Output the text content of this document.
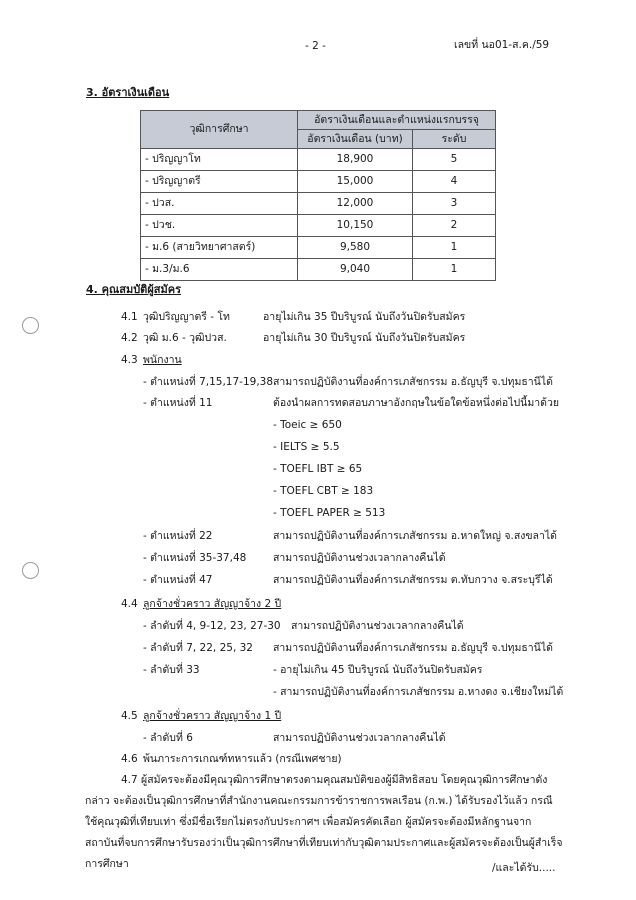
- 2 -	เลขที่ นอ01-ส.ค./59
3. อัตราเงินเดือน
วุฒิการศึกษา	อัตราเงินเดือนและตำแหน่งแรกบรรจุ	
	อัตราเงินเดือน (บาท)	ระดับ
- ปริญญาโท	18,900	5
- ปริญญาตรี	15,000	4
- ปวส.	12,000	3
- ปวช.	10,150	2
- ม.6 (สายวิทยาศาสตร์)	9,580	1
- ม.3/ม.6	9,040	1
4. คุณสมบัติผู้สมัคร
4.1 วุฒิปริญญาตรี - โท	อายุไม่เกิน 35 ปีบริบูรณ์ นับถึงวันปิดรับสมัคร
4.2 วุฒิ ม.6 - วุฒิปวส.	อายุไม่เกิน 30 ปีบริบูรณ์ นับถึงวันปิดรับสมัคร
4.3 พนักงาน
- ตำแหน่งที่ 7,15,17-19,38 สามารถปฏิบัติงานที่องค์การเภสัชกรรม อ.ธัญบุรี จ.ปทุมธานีได้
- ตำแหน่งที่ 11	ต้องนำผลการทดสอบภาษาอังกฤษในข้อใดข้อหนึ่งต่อไปนี้มาด้วย
- Toeic ≥ 650
- IELTS ≥ 5.5
- TOEFL IBT ≥ 65
- TOEFL CBT ≥ 183
- TOEFL PAPER ≥ 513
- ตำแหน่งที่ 22	สามารถปฏิบัติงานที่องค์การเภสัชกรรม อ.หาดใหญ่ จ.สงขลาได้
- ตำแหน่งที่ 35-37,48	สามารถปฏิบัติงานช่วงเวลากลางคืนได้
- ตำแหน่งที่ 47	สามารถปฏิบัติงานที่องค์การเภสัชกรรม ต.ทับกวาง จ.สระบุรีได้
4.4 ลูกจ้างชั่วคราว สัญญาจ้าง 2 ปี
- ลำดับที่ 4, 9-12, 23, 27-30 สามารถปฏิบัติงานช่วงเวลากลางคืนได้
- ลำดับที่ 7, 22, 25, 32 สามารถปฏิบัติงานที่องค์การเภสัชกรรม อ.ธัญบุรี จ.ปทุมธานีได้
- ลำดับที่ 33	- อายุไม่เกิน 45 ปีบริบูรณ์ นับถึงวันปิดรับสมัคร
- สามารถปฏิบัติงานที่องค์การเภสัชกรรม อ.หางดง จ.เชียงใหม่ได้
4.5 ลูกจ้างชั่วคราว สัญญาจ้าง 1 ปี
- ลำดับที่ 6	สามารถปฏิบัติงานช่วงเวลากลางคืนได้
4.6 พ้นภาระการเกณฑ์ทหารแล้ว (กรณีเพศชาย)
4.7 ผู้สมัครจะต้องมีคุณวุฒิการศึกษาตรงตามคุณสมบัติของผู้มีสิทธิสอบ โดยคุณวุฒิการศึกษาดังกล่าว จะต้องเป็นวุฒิการศึกษาที่สำนักงานคณะกรรมการข้าราชการพลเรือน (ก.พ.) ได้รับรองไว้แล้ว กรณีใช้คุณวุฒิที่เทียบเท่า ซึ่งมีชื่อเรียกไม่ตรงกับประกาศฯ เพื่อสมัครคัดเลือก ผู้สมัครจะต้องมีหลักฐานจากสถาบันที่จบการศึกษารับรองว่าเป็นวุฒิการศึกษาที่เทียบเท่ากับวุฒิตามประกาศและผู้สมัครจะต้องเป็นผู้สำเร็จการศึกษา	/และได้รับ.....
